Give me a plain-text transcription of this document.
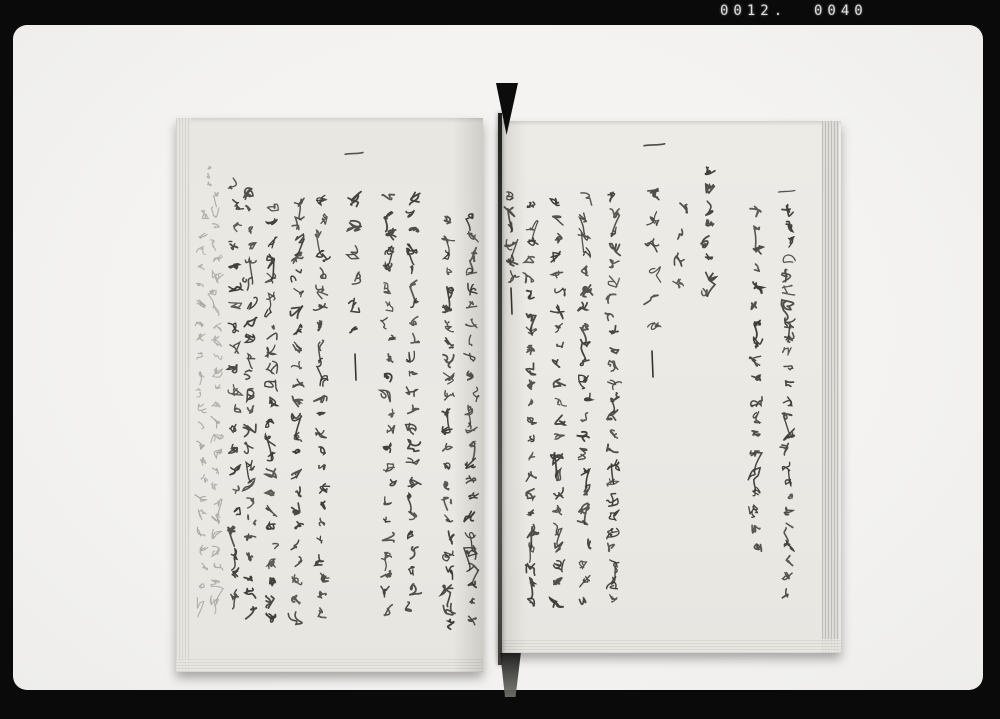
0012.  0040
